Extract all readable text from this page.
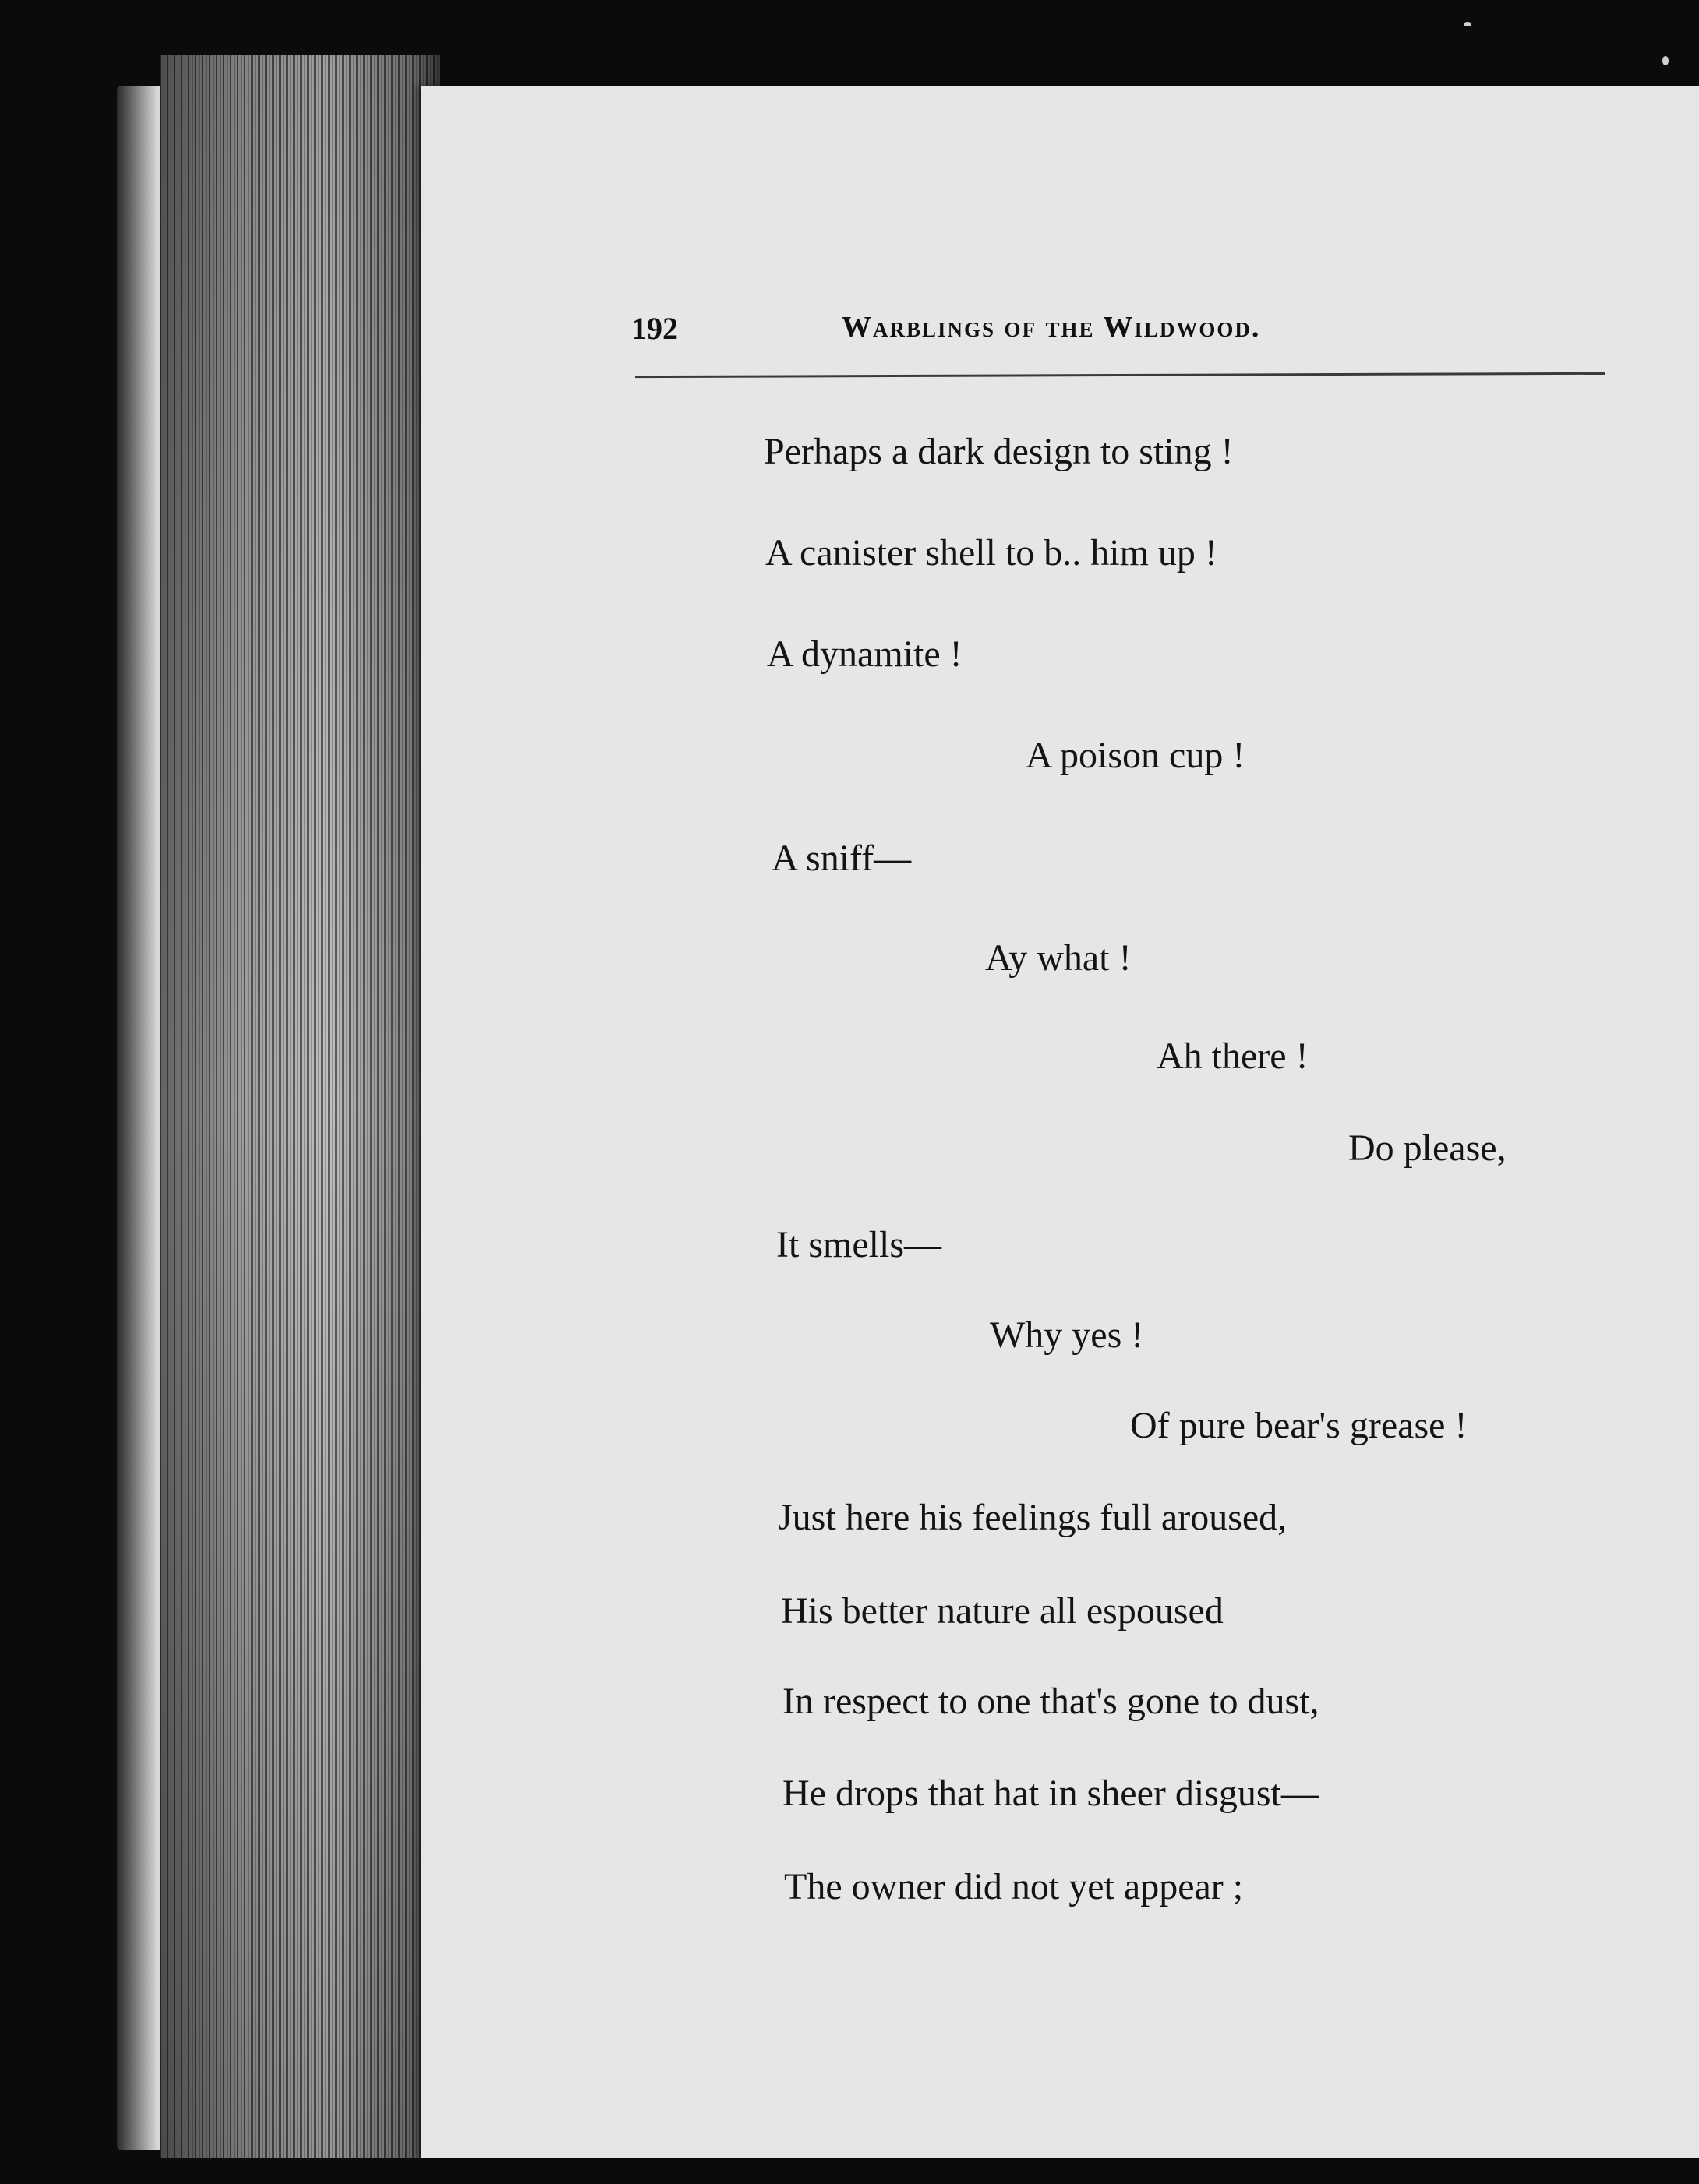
192	Warblings of the Wildwood.
Perhaps a dark design to sting !
A canister shell to b.. him up !
A dynamite !
A poison cup !
A sniff—
Ay what !
Ah there !
Do please,
It smells—
Why yes !
Of pure bear's grease !
Just here his feelings full aroused,
His better nature all espoused
In respect to one that's gone to dust,
He drops that hat in sheer disgust—
The owner did not yet appear ;
